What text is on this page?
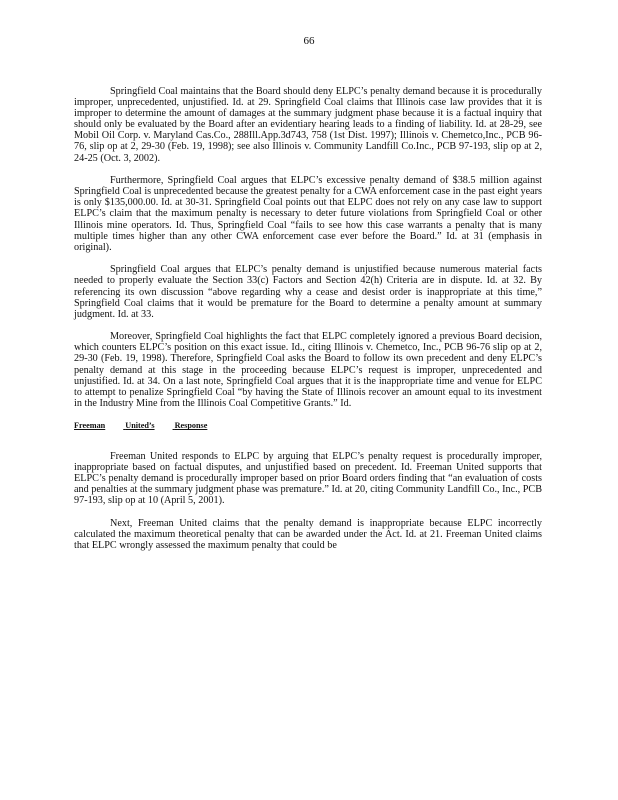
66

Springfield Coal maintains that the Board should deny ELPC’s penalty demand because it is procedurally improper, unprecedented, unjustified. Id. at 29. Springfield Coal claims that Illinois case law provides that it is improper to determine the amount of damages at the summary judgment phase because it is a factual inquiry that should only be evaluated by the Board after an evidentiary hearing leads to a finding of liability. Id. at 28-29, see Mobil Oil Corp. v. Maryland Cas.Co., 288Ill.App.3d743, 758 (1st Dist. 1997); Illinois v. Chemetco,Inc., PCB 96-76, slip op at 2, 29-30 (Feb. 19, 1998); see also Illinois v. Community Landfill Co.Inc., PCB 97-193, slip op at 2, 24-25 (Oct. 3, 2002).

Furthermore, Springfield Coal argues that ELPC’s excessive penalty demand of $38.5 million against Springfield Coal is unprecedented because the greatest penalty for a CWA enforcement case in the past eight years is only $135,000.00. Id. at 30-31. Springfield Coal points out that ELPC does not rely on any case law to support ELPC’s claim that the maximum penalty is necessary to deter future violations from Springfield Coal or other Illinois mine operators. Id. Thus, Springfield Coal “fails to see how this case warrants a penalty that is many multiple times higher than any other CWA enforcement case ever before the Board.” Id. at 31 (emphasis in original).

Springfield Coal argues that ELPC’s penalty demand is unjustified because numerous material facts needed to properly evaluate the Section 33(c) Factors and Section 42(h) Criteria are in dispute. Id. at 32. By referencing its own discussion “above regarding why a cease and desist order is inappropriate at this time,” Springfield Coal claims that it would be premature for the Board to determine a penalty amount at summary judgment. Id. at 33.

Moreover, Springfield Coal highlights the fact that ELPC completely ignored a previous Board decision, which counters ELPC’s position on this exact issue. Id., citing Illinois v. Chemetco, Inc., PCB 96-76 slip op at 2, 29-30 (Feb. 19, 1998). Therefore, Springfield Coal asks the Board to follow its own precedent and deny ELPC’s penalty demand at this stage in the proceeding because ELPC’s request is improper, unprecedented and unjustified. Id. at 34. On a last note, Springfield Coal argues that it is the inappropriate time and venue for ELPC to attempt to penalize Springfield Coal “by having the State of Illinois recover an amount equal to its investment in the Industry Mine from the Illinois Coal Competitive Grants.” Id.

Freeman United’s Response

Freeman United responds to ELPC by arguing that ELPC’s penalty request is procedurally improper, inappropriate based on factual disputes, and unjustified based on precedent. Id. Freeman United supports that ELPC’s penalty demand is procedurally improper based on prior Board orders finding that “an evaluation of costs and penalties at the summary judgment phase was premature.” Id. at 20, citing Community Landfill Co., Inc., PCB 97-193, slip op at 10 (April 5, 2001).

Next, Freeman United claims that the penalty demand is inappropriate because ELPC incorrectly calculated the maximum theoretical penalty that can be awarded under the Act. Id. at 21. Freeman United claims that ELPC wrongly assessed the maximum penalty that could be
